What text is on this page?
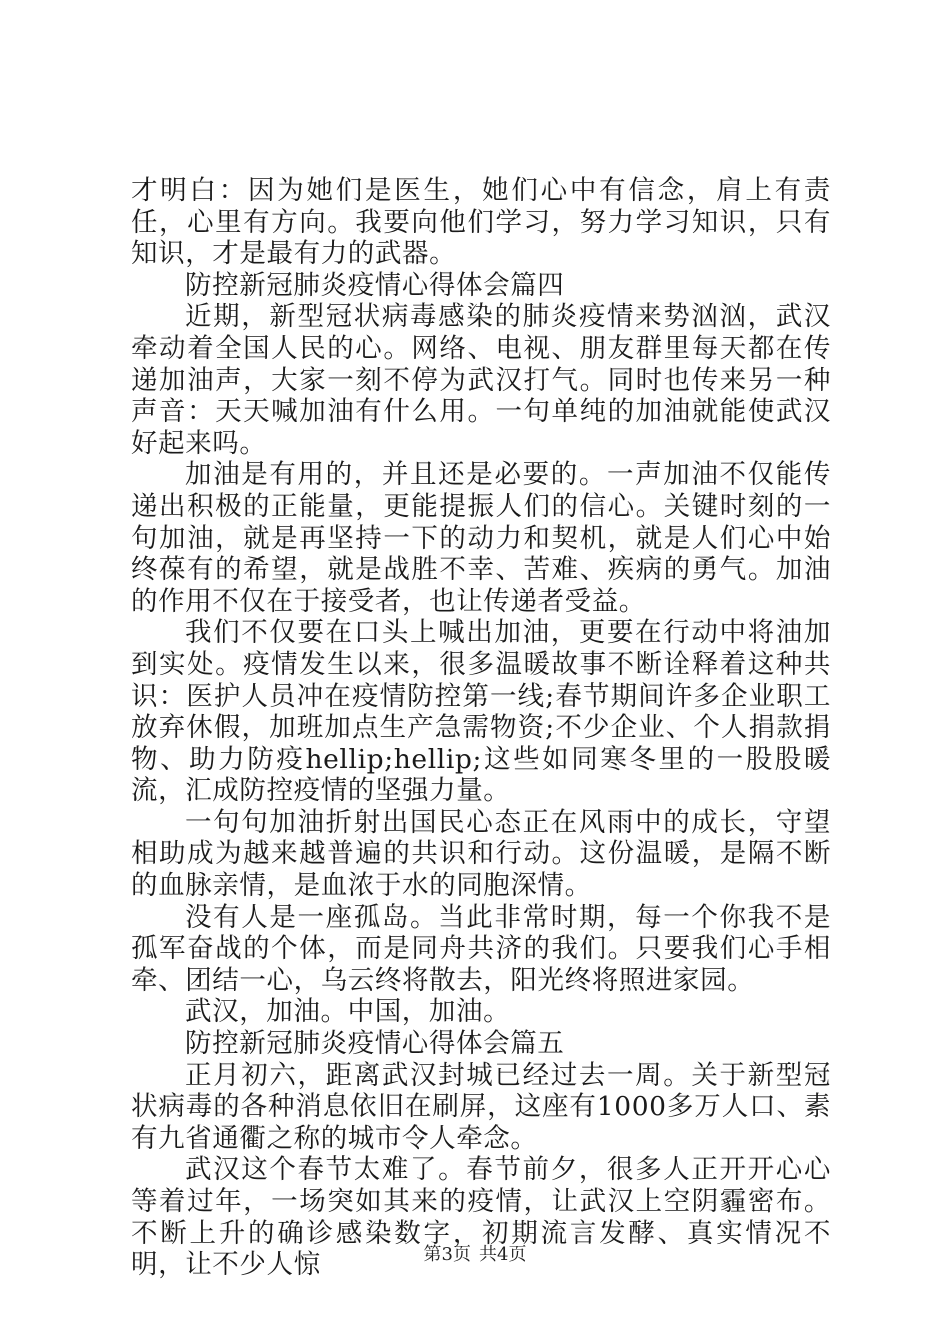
才明白：因为她们是医生，她们心中有信念，肩上有责任，心里有方向。我要向他们学习，努力学习知识，只有知识，才是最有力的武器。

防控新冠肺炎疫情心得体会篇四

近期，新型冠状病毒感染的肺炎疫情来势汹汹，武汉牵动着全国人民的心。网络、电视、朋友群里每天都在传递加油声，大家一刻不停为武汉打气。同时也传来另一种声音：天天喊加油有什么用。一句单纯的加油就能使武汉好起来吗。

加油是有用的，并且还是必要的。一声加油不仅能传递出积极的正能量，更能提振人们的信心。关键时刻的一句加油，就是再坚持一下的动力和契机，就是人们心中始终葆有的希望，就是战胜不幸、苦难、疾病的勇气。加油的作用不仅在于接受者，也让传递者受益。

我们不仅要在口头上喊出加油，更要在行动中将油加到实处。疫情发生以来，很多温暖故事不断诠释着这种共识：医护人员冲在疫情防控第一线;春节期间许多企业职工放弃休假，加班加点生产急需物资;不少企业、个人捐款捐物、助力防疫hellip;hellip;这些如同寒冬里的一股股暖流，汇成防控疫情的坚强力量。

一句句加油折射出国民心态正在风雨中的成长，守望相助成为越来越普遍的共识和行动。这份温暖，是隔不断的血脉亲情，是血浓于水的同胞深情。

没有人是一座孤岛。当此非常时期，每一个你我不是孤军奋战的个体，而是同舟共济的我们。只要我们心手相牵、团结一心，乌云终将散去，阳光终将照进家园。

武汉，加油。中国，加油。

防控新冠肺炎疫情心得体会篇五

正月初六，距离武汉封城已经过去一周。关于新型冠状病毒的各种消息依旧在刷屏，这座有1000多万人口、素有九省通衢之称的城市令人牵念。

武汉这个春节太难了。春节前夕，很多人正开开心心等着过年，一场突如其来的疫情，让武汉上空阴霾密布。不断上升的确诊感染数字，初期流言发酵、真实情况不明，让不少人惊	第3页 共4页
